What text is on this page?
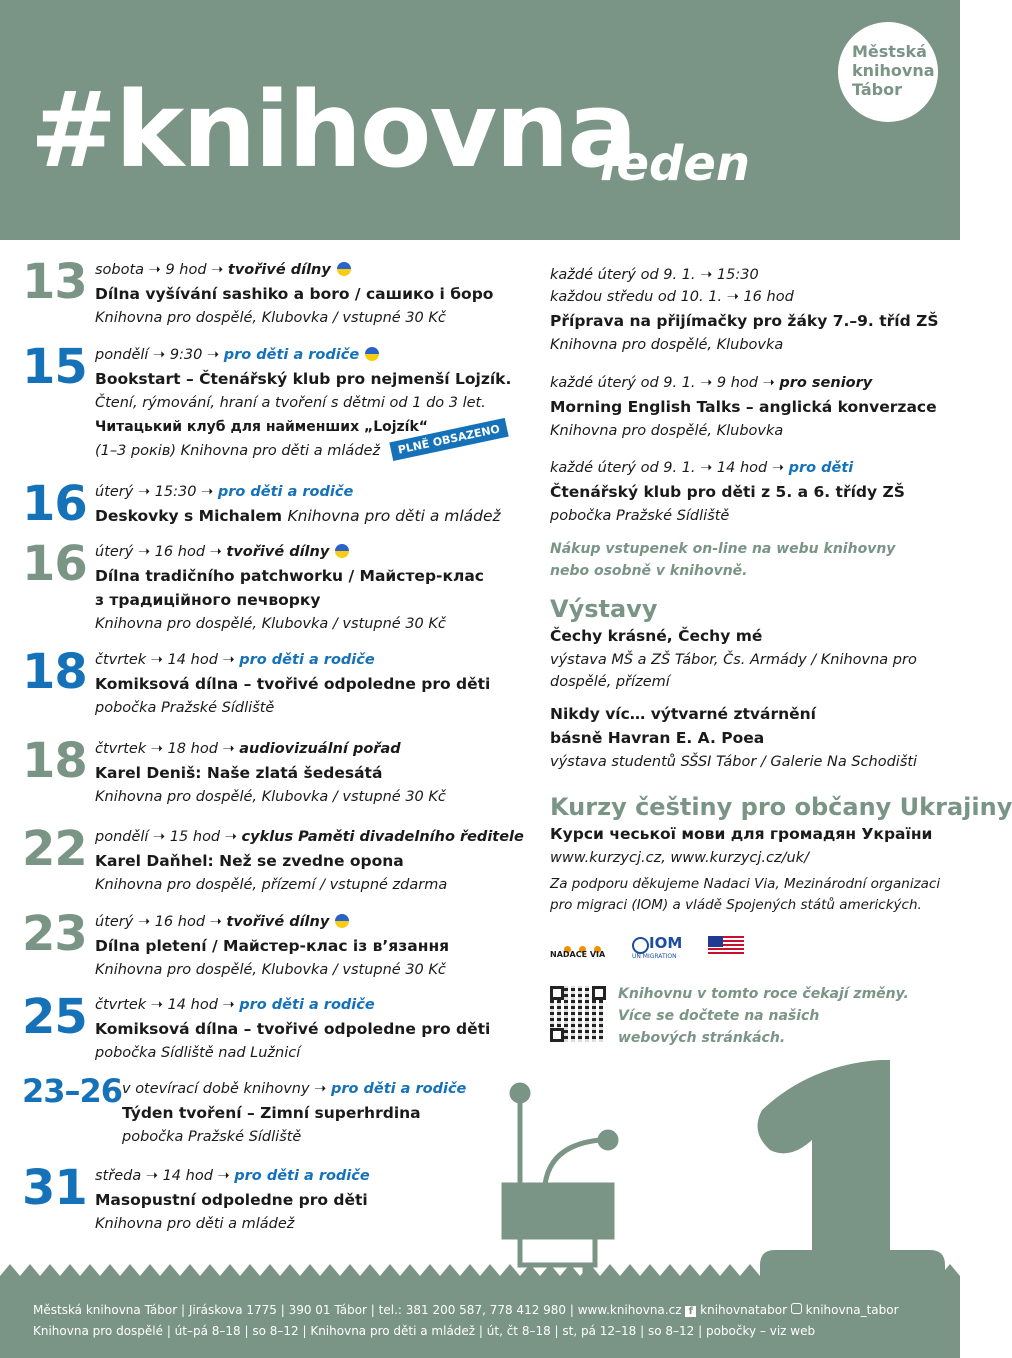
#knihovna
leden
Městská
knihovna
Tábor
13 sobota ➝ 9 hod ➝ tvořivé dílny
Dílna vyšívání sashiko a boro / сашико і боро
Knihovna pro dospělé, Klubovka / vstupné 30 Kč
15 pondělí ➝ 9:30 ➝ pro děti a rodiče
Bookstart – Čtenářský klub pro nejmenší Lojzík.
Čtení, rýmování, hraní a tvoření s dětmi od 1 do 3 let.
Читацький клуб для найменших „Lojzík“
(1–3 років) Knihovna pro děti a mládež
16 úterý ➝ 15:30 ➝ pro děti a rodiče
Deskovky s Michalem Knihovna pro děti a mládež
16 úterý ➝ 16 hod ➝ tvořivé dílny
Dílna tradičního patchworku / Майстер-клас
з традиційного печворку
Knihovna pro dospělé, Klubovka / vstupné 30 Kč
18 čtvrtek ➝ 14 hod ➝ pro děti a rodiče
Komiksová dílna – tvořivé odpoledne pro děti
pobočka Pražské Sídliště
18 čtvrtek ➝ 18 hod ➝ audiovizuální pořad
Karel Deniš: Naše zlatá šedesátá
Knihovna pro dospělé, Klubovka / vstupné 30 Kč
22 pondělí ➝ 15 hod ➝ cyklus Paměti divadelního ředitele
Karel Daňhel: Než se zvedne opona
Knihovna pro dospělé, přízemí / vstupné zdarma
23 úterý ➝ 16 hod ➝ tvořivé dílny
Dílna pletení / Майстер-клас із в’язання
Knihovna pro dospělé, Klubovka / vstupné 30 Kč
25 čtvrtek ➝ 14 hod ➝ pro děti a rodiče
Komiksová dílna – tvořivé odpoledne pro děti
pobočka Sídliště nad Lužnicí
23–26 v otevírací době knihovny ➝ pro děti a rodiče
Týden tvoření – Zimní superhrdina
pobočka Pražské Sídliště
31 středa ➝ 14 hod ➝ pro děti a rodiče
Masopustní odpoledne pro děti
Knihovna pro děti a mládež
PLNĚ OBSAZENO
každé úterý od 9. 1. ➝ 15:30
každou středu od 10. 1. ➝ 16 hod
Příprava na přijímačky pro žáky 7.–9. tříd ZŠ
Knihovna pro dospělé, Klubovka
každé úterý od 9. 1. ➝ 9 hod ➝ pro seniory
Morning English Talks – anglická konverzace
Knihovna pro dospělé, Klubovka
každé úterý od 9. 1. ➝ 14 hod ➝ pro děti
Čtenářský klub pro děti z 5. a 6. třídy ZŠ
pobočka Pražské Sídliště
Nákup vstupenek on-line na webu knihovny
nebo osobně v knihovně.
Výstavy
Čechy krásné, Čechy mé
výstava MŠ a ZŠ Tábor, Čs. Armády / Knihovna pro
dospělé, přízemí
Nikdy víc… výtvarné ztvárnění
básně Havran E. A. Poea
výstava studentů SŠSI Tábor / Galerie Na Schodišti
Kurzy češtiny pro občany Ukrajiny
Курси чеської мови для громадян України
www.kurzycj.cz, www.kurzycj.cz/uk/
Za podporu děkujeme Nadaci Via, Mezinárodní organizaci
pro migraci (IOM) a vládě Spojených států amerických.
NADACE VIA
IOM
UN MIGRATION
Knihovnu v tomto roce čekají změny.
Více se dočtete na našich
webových stránkách.
Městská knihovna Tábor | Jiráskova 1775 | 390 01 Tábor | tel.: 381 200 587, 778 412 980 | www.knihovna.cz f knihovnatabor knihovna_tabor
Knihovna pro dospělé | út–pá 8–18 | so 8–12 | Knihovna pro děti a mládež | út, čt 8–18 | st, pá 12–18 | so 8–12 | pobočky – viz web
